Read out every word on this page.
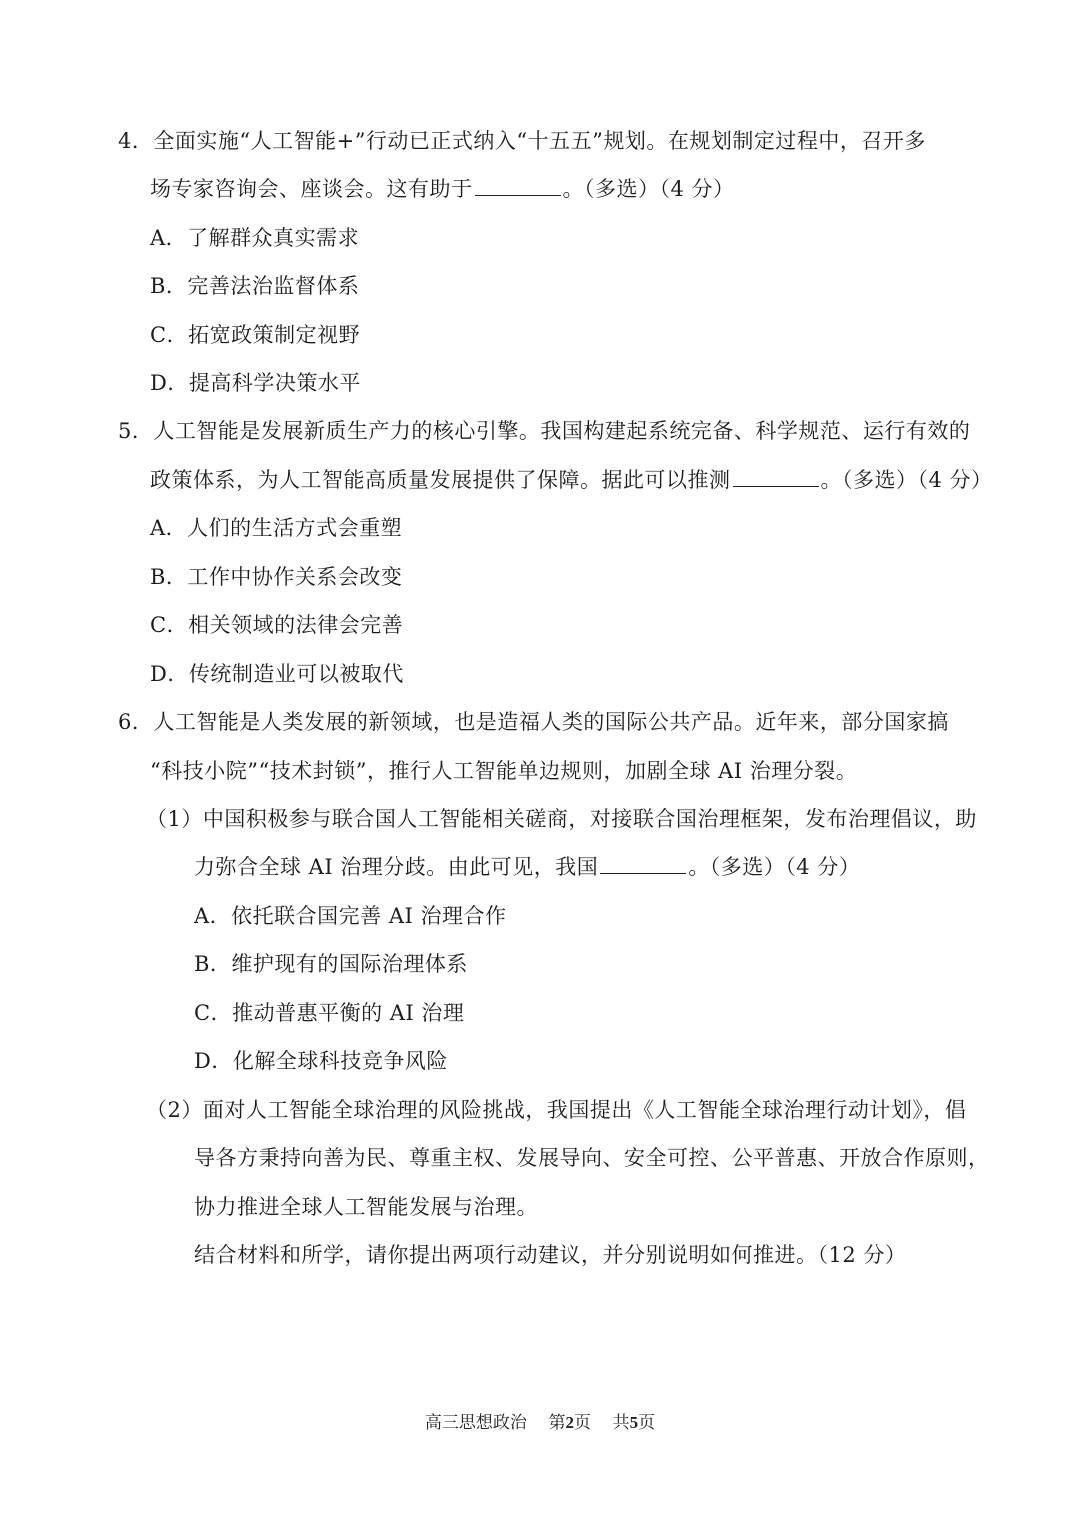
4．全面实施“人工智能+”行动已正式纳入“十五五”规划。在规划制定过程中，召开多
场专家咨询会、座谈会。这有助于	。（多选）（4 分）
A．了解群众真实需求
B．完善法治监督体系
C．拓宽政策制定视野
D．提高科学决策水平
5．人工智能是发展新质生产力的核心引擎。我国构建起系统完备、科学规范、运行有效的
政策体系，为人工智能高质量发展提供了保障。据此可以推测	。（多选）（4 分）
A．人们的生活方式会重塑
B．工作中协作关系会改变
C．相关领域的法律会完善
D．传统制造业可以被取代
6．人工智能是人类发展的新领域，也是造福人类的国际公共产品。近年来，部分国家搞
“科技小院”“技术封锁”，推行人工智能单边规则，加剧全球 AI 治理分裂。
（1）中国积极参与联合国人工智能相关磋商，对接联合国治理框架，发布治理倡议，助
力弥合全球 AI 治理分歧。由此可见，我国	。（多选）（4 分）
A．依托联合国完善 AI 治理合作
B．维护现有的国际治理体系
C．推动普惠平衡的 AI 治理
D．化解全球科技竞争风险
（2）面对人工智能全球治理的风险挑战，我国提出《人工智能全球治理行动计划》，倡
导各方秉持向善为民、尊重主权、发展导向、安全可控、公平普惠、开放合作原则，
协力推进全球人工智能发展与治理。
结合材料和所学，请你提出两项行动建议，并分别说明如何推进。（12 分）
高三思想政治 第2页 共5页
